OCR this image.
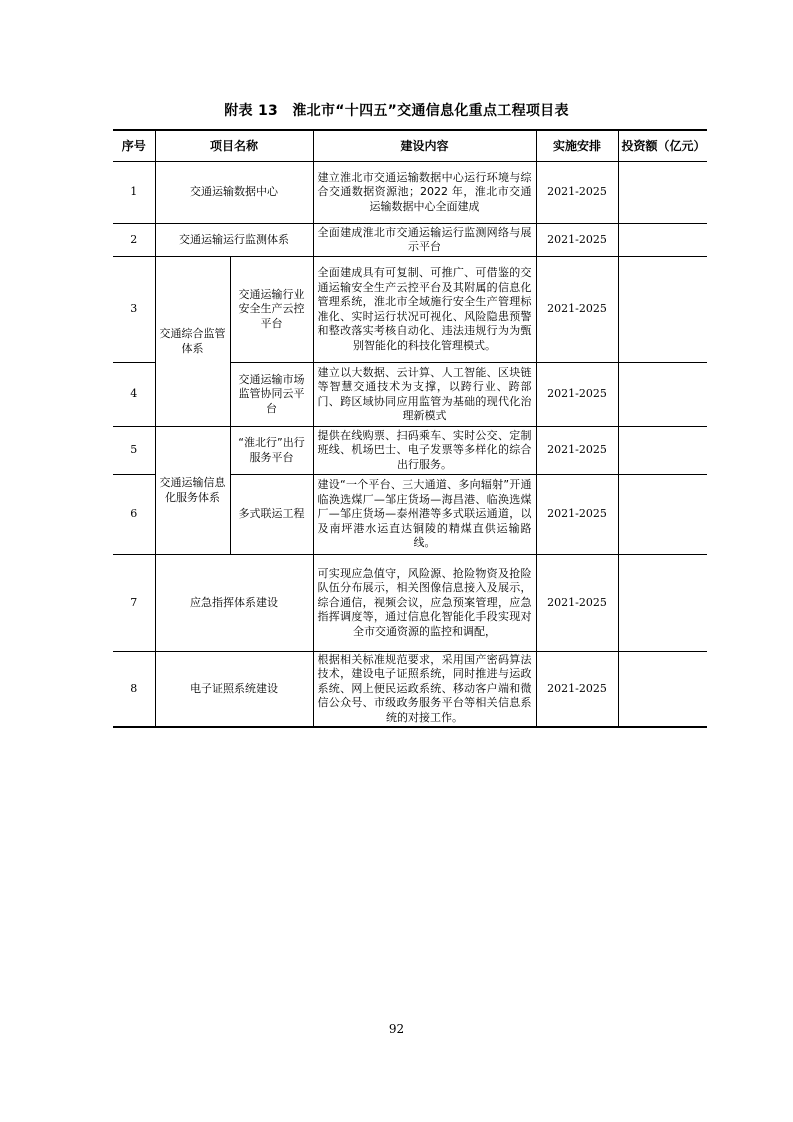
附表 13　淮北市“十四五”交通信息化重点工程项目表
序号	项目名称		建设内容	实施安排	投资额（亿元）
1	交通运输数据中心		建立淮北市交通运输数据中心运行环境与综合交通数据资源池；2022 年，淮北市交通运输数据中心全面建成	2021-2025	
2	交通运输运行监测体系		全面建成淮北市交通运输运行监测网络与展示平台	2021-2025	
3	交通综合监管体系	交通运输行业安全生产云控平台	全面建成具有可复制、可推广、可借鉴的交通运输安全生产云控平台及其附属的信息化管理系统，淮北市全域施行安全生产管理标准化、实时运行状况可视化、风险隐患预警和整改落实考核自动化、违法违规行为为甄别智能化的科技化管理模式。	2021-2025	
4		交通运输市场监管协同云平台	建立以大数据、云计算、人工智能、区块链等智慧交通技术为支撑，以跨行业、跨部门、跨区域协同应用监管为基础的现代化治理新模式	2021-2025	
5	交通运输信息化服务体系	“淮北行”出行服务平台	提供在线购票、扫码乘车、实时公交、定制班线、机场巴士、电子发票等多样化的综合出行服务。	2021-2025	
6		多式联运工程	建设“一个平台、三大通道、多向辐射”开通临涣选煤厂—邹庄货场—海昌港、临涣选煤厂—邹庄货场—泰州港等多式联运通道，以及南坪港水运直达铜陵的精煤直供运输路线。	2021-2025	
7	应急指挥体系建设		可实现应急值守，风险源、抢险物资及抢险队伍分布展示，相关图像信息接入及展示，综合通信，视频会议，应急预案管理，应急指挥调度等，通过信息化智能化手段实现对全市交通资源的监控和调配，	2021-2025	
8	电子证照系统建设		根据相关标准规范要求，采用国产密码算法技术，建设电子证照系统，同时推进与运政系统、网上便民运政系统、移动客户端和微信公众号、市级政务服务平台等相关信息系统的对接工作。	2021-2025	
92
